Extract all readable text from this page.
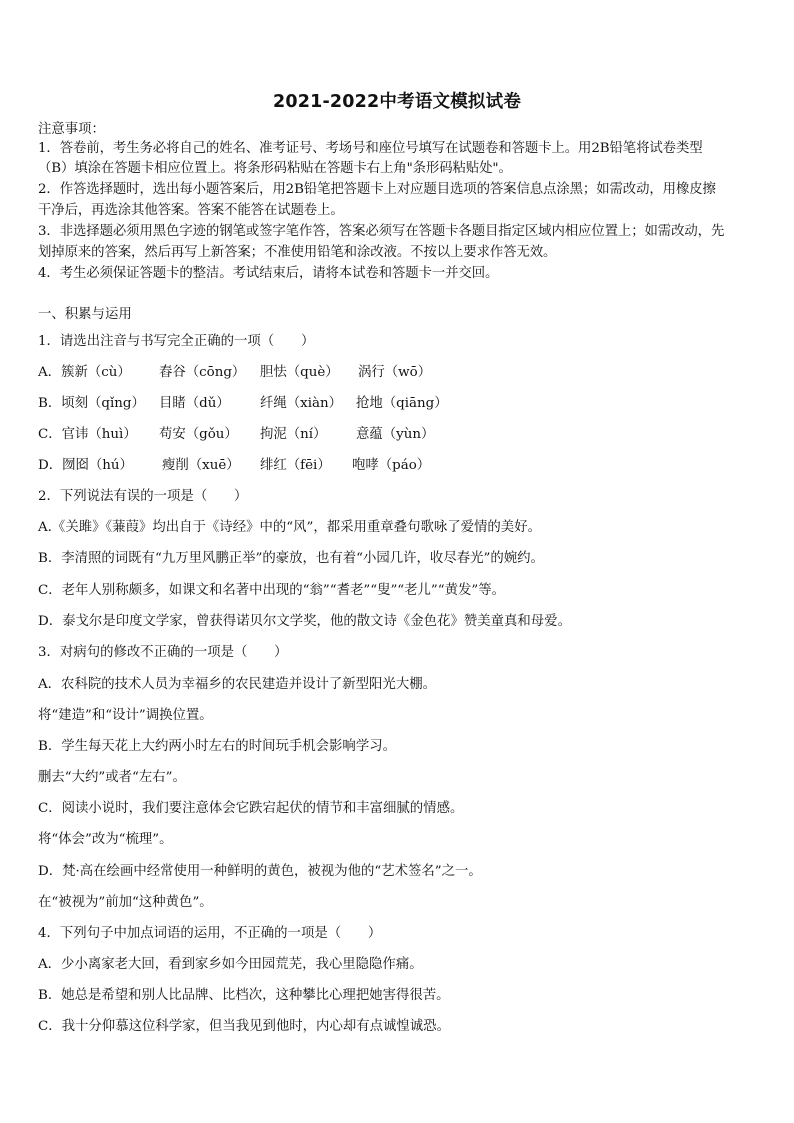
2021-2022中考语文模拟试卷
注意事项：
1．答卷前，考生务必将自己的姓名、准考证号、考场号和座位号填写在试题卷和答题卡上。用2B铅笔将试卷类型
（B）填涂在答题卡相应位置上。将条形码粘贴在答题卡右上角"条形码粘贴处"。
2．作答选择题时，选出每小题答案后，用2B铅笔把答题卡上对应题目选项的答案信息点涂黑；如需改动，用橡皮擦
干净后，再选涂其他答案。答案不能答在试题卷上。
3．非选择题必须用黑色字迹的钢笔或签字笔作答，答案必须写在答题卡各题目指定区域内相应位置上；如需改动，先
划掉原来的答案，然后再写上新答案；不准使用铅笔和涂改液。不按以上要求作答无效。
4．考生必须保证答题卡的整洁。考试结束后，请将本试卷和答题卡一并交回。
一、积累与运用
1．请选出注音与书写完全正确的一项（　　）
A．簇新（cù） 舂谷（cōng） 胆怯（què） 涡行（wō）
B．顷刻（qǐng） 目睹（dǔ） 纤绳（xiàn） 抢地（qiāng）
C．官讳（huì） 苟安（gǒu） 拘泥（ní） 意蕴（yùn）
D．囫囵（hú） 瘦削（xuē） 绯红（fēi） 咆哮（páo）
2．下列说法有误的一项是（　　）
A.《关雎》《蒹葭》均出自于《诗经》中的“风”，都采用重章叠句歌咏了爱情的美好。
B．李清照的词既有“九万里风鹏正举”的豪放，也有着“小园几许，收尽春光”的婉约。
C．老年人别称颇多，如课文和名著中出现的“翁”“耆老”“叟”“老儿”“黄发”等。
D．泰戈尔是印度文学家，曾获得诺贝尔文学奖，他的散文诗《金色花》赞美童真和母爱。
3．对病句的修改不正确的一项是（　　）
A．农科院的技术人员为幸福乡的农民建造并设计了新型阳光大棚。
将“建造”和“设计”调换位置。
B．学生每天花上大约两小时左右的时间玩手机会影响学习。
删去“大约”或者“左右”。
C．阅读小说时，我们要注意体会它跌宕起伏的情节和丰富细腻的情感。
将“体会”改为“梳理”。
D．梵·高在绘画中经常使用一种鲜明的黄色，被视为他的“艺术签名”之一。
在“被视为”前加“这种黄色”。
4．下列句子中加点词语的运用，不正确的一项是（　　）
A．少小离家老大回，看到家乡如今田园荒芜，我心里隐隐作痛。
B．她总是希望和别人比品牌、比档次，这种攀比心理把她害得很苦。
C．我十分仰慕这位科学家，但当我见到他时，内心却有点诚惶诚恐。
